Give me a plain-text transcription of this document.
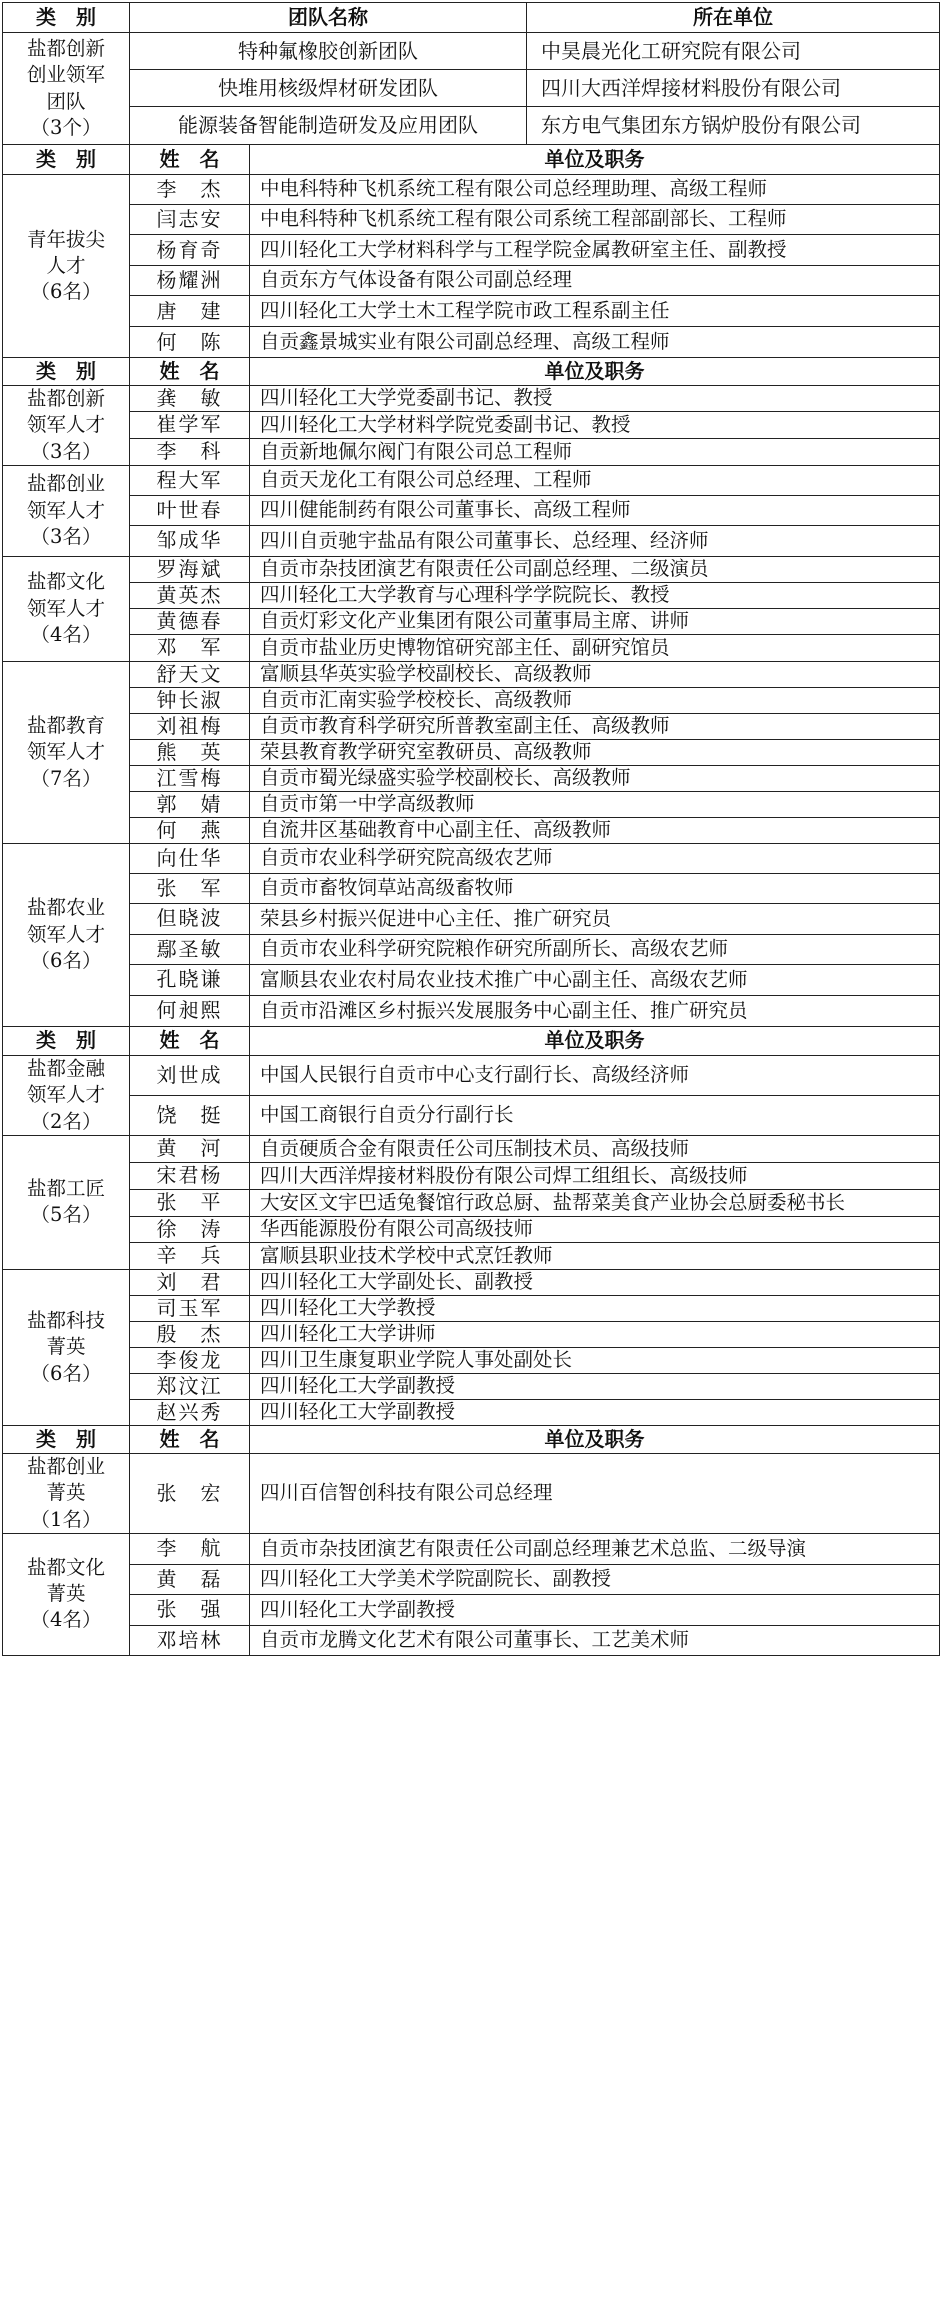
类　别	团队名称		所在单位

盐都创新
创业领军
团队
（3个）	特种氟橡胶创新团队		中昊晨光化工研究院有限公司
	快堆用核级焊材研发团队		四川大西洋焊接材料股份有限公司
	能源装备智能制造研发及应用团队		东方电气集团东方锅炉股份有限公司
类　别	姓　名	单位及职务	

青年拔尖
人才
（6名）	李　杰	中电科特种飞机系统工程有限公司总经理助理、高级工程师	
	闫志安	中电科特种飞机系统工程有限公司系统工程部副部长、工程师	
	杨育奇	四川轻化工大学材料科学与工程学院金属教研室主任、副教授	
	杨耀洲	自贡东方气体设备有限公司副总经理	
	唐　建	四川轻化工大学土木工程学院市政工程系副主任	
	何　陈	自贡鑫景城实业有限公司副总经理、高级工程师	
类　别	姓　名	单位及职务	

盐都创新
领军人才
（3名）	龚　敏	四川轻化工大学党委副书记、教授	
	崔学军	四川轻化工大学材料学院党委副书记、教授	
	李　科	自贡新地佩尔阀门有限公司总工程师	

盐都创业
领军人才
（3名）	程大军	自贡天龙化工有限公司总经理、工程师	
	叶世春	四川健能制药有限公司董事长、高级工程师	
	邹成华	四川自贡驰宇盐品有限公司董事长、总经理、经济师	

盐都文化
领军人才
（4名）	罗海斌	自贡市杂技团演艺有限责任公司副总经理、二级演员	
	黄英杰	四川轻化工大学教育与心理科学学院院长、教授	
	黄德春	自贡灯彩文化产业集团有限公司董事局主席、讲师	
	邓　军	自贡市盐业历史博物馆研究部主任、副研究馆员	

盐都教育
领军人才
（7名）	舒天文	富顺县华英实验学校副校长、高级教师	
	钟长淑	自贡市汇南实验学校校长、高级教师	
	刘祖梅	自贡市教育科学研究所普教室副主任、高级教师	
	熊　英	荣县教育教学研究室教研员、高级教师	
	江雪梅	自贡市蜀光绿盛实验学校副校长、高级教师	
	郭　婧	自贡市第一中学高级教师	
	何　燕	自流井区基础教育中心副主任、高级教师	

盐都农业
领军人才
（6名）	向仕华	自贡市农业科学研究院高级农艺师	
	张　军	自贡市畜牧饲草站高级畜牧师	
	但晓波	荣县乡村振兴促进中心主任、推广研究员	
	鄢圣敏	自贡市农业科学研究院粮作研究所副所长、高级农艺师	
	孔晓谦	富顺县农业农村局农业技术推广中心副主任、高级农艺师	
	何昶熙	自贡市沿滩区乡村振兴发展服务中心副主任、推广研究员	
类　别	姓　名	单位及职务	

盐都金融
领军人才
（2名）	刘世成	中国人民银行自贡市中心支行副行长、高级经济师	
	饶　挺	中国工商银行自贡分行副行长	

盐都工匠
（5名）	黄　河	自贡硬质合金有限责任公司压制技术员、高级技师	
	宋君杨	四川大西洋焊接材料股份有限公司焊工组组长、高级技师	
	张　平	大安区文宇巴适兔餐馆行政总厨、盐帮菜美食产业协会总厨委秘书长	
	徐　涛	华西能源股份有限公司高级技师	
	辛　兵	富顺县职业技术学校中式烹饪教师	

盐都科技
菁英
（6名）	刘　君	四川轻化工大学副处长、副教授	
	司玉军	四川轻化工大学教授	
	殷　杰	四川轻化工大学讲师	
	李俊龙	四川卫生康复职业学院人事处副处长	
	郑汶江	四川轻化工大学副教授	
	赵兴秀	四川轻化工大学副教授	
类　别	姓　名	单位及职务	

盐都创业
菁英
（1名）	张　宏	四川百信智创科技有限公司总经理	

盐都文化
菁英
（4名）	李　航	自贡市杂技团演艺有限责任公司副总经理兼艺术总监、二级导演	
	黄　磊	四川轻化工大学美术学院副院长、副教授	
	张　强	四川轻化工大学副教授	
	邓培林	自贡市龙腾文化艺术有限公司董事长、工艺美术师	
